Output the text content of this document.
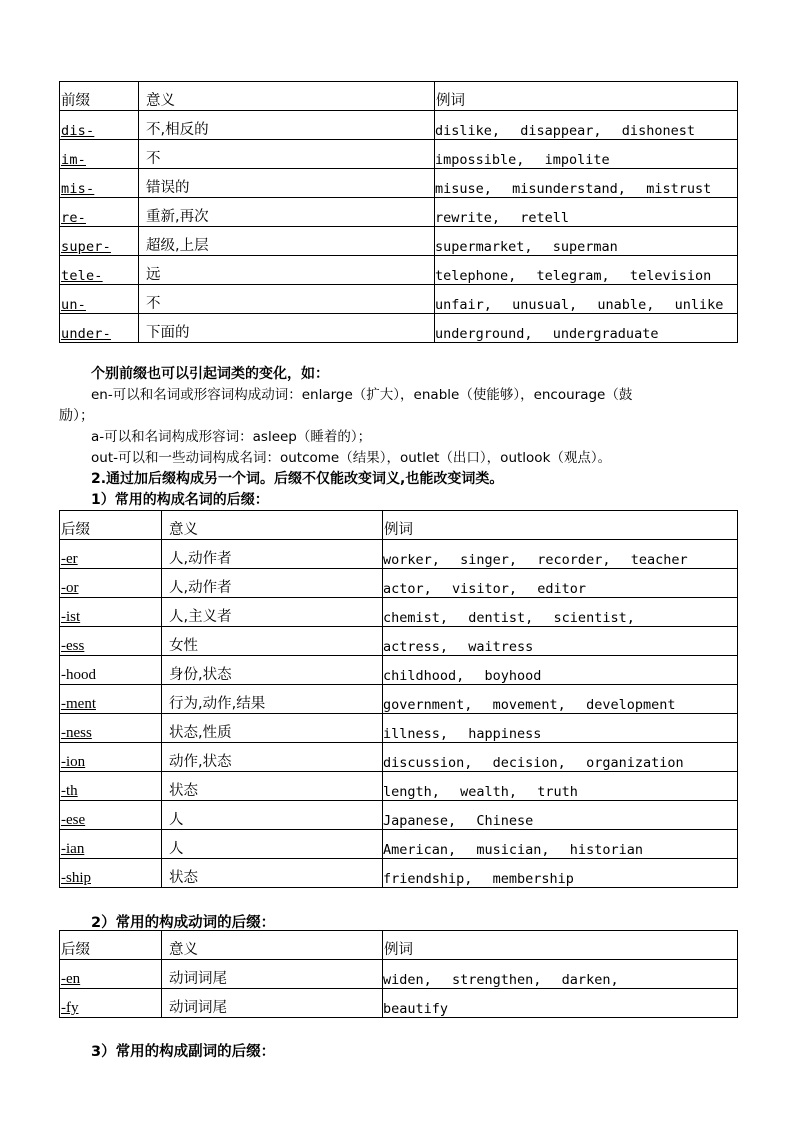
前缀	意义	例词
dis-	不,相反的	dislike,  disappear,  dishonest
im-	不	impossible,  impolite
mis-	错误的	misuse,  misunderstand,  mistrust
re-	重新,再次	rewrite,  retell
super-	超级,上层	supermarket,  superman
tele-	远	telephone,  telegram,  television
un-	不	unfair,  unusual,  unable,  unlike
under-	下面的	underground,  undergraduate
个别前缀也可以引起词类的变化，如：
en-可以和名词或形容词构成动词：enlarge（扩大），enable（使能够），encourage（鼓
励）；
a-可以和名词构成形容词：asleep（睡着的）；
out-可以和一些动词构成名词：outcome（结果），outlet（出口），outlook（观点）。
2.通过加后缀构成另一个词。后缀不仅能改变词义,也能改变词类。
1）常用的构成名词的后缀：
后缀	意义	例词
-er	人,动作者	worker,  singer,  recorder,  teacher
-or	人,动作者	actor,  visitor,  editor
-ist	人,主义者	chemist,  dentist,  scientist,
-ess	女性	actress,  waitress
-hood	身份,状态	childhood,  boyhood
-ment	行为,动作,结果	government,  movement,  development
-ness	状态,性质	illness,  happiness
-ion	动作,状态	discussion,  decision,  organization
-th	状态	length,  wealth,  truth
-ese	人	Japanese,  Chinese
-ian	人	American,  musician,  historian
-ship	状态	friendship,  membership
2）常用的构成动词的后缀：
后缀	意义	例词
-en	动词词尾	widen,  strengthen,  darken,
-fy	动词词尾	beautify
3）常用的构成副词的后缀：
